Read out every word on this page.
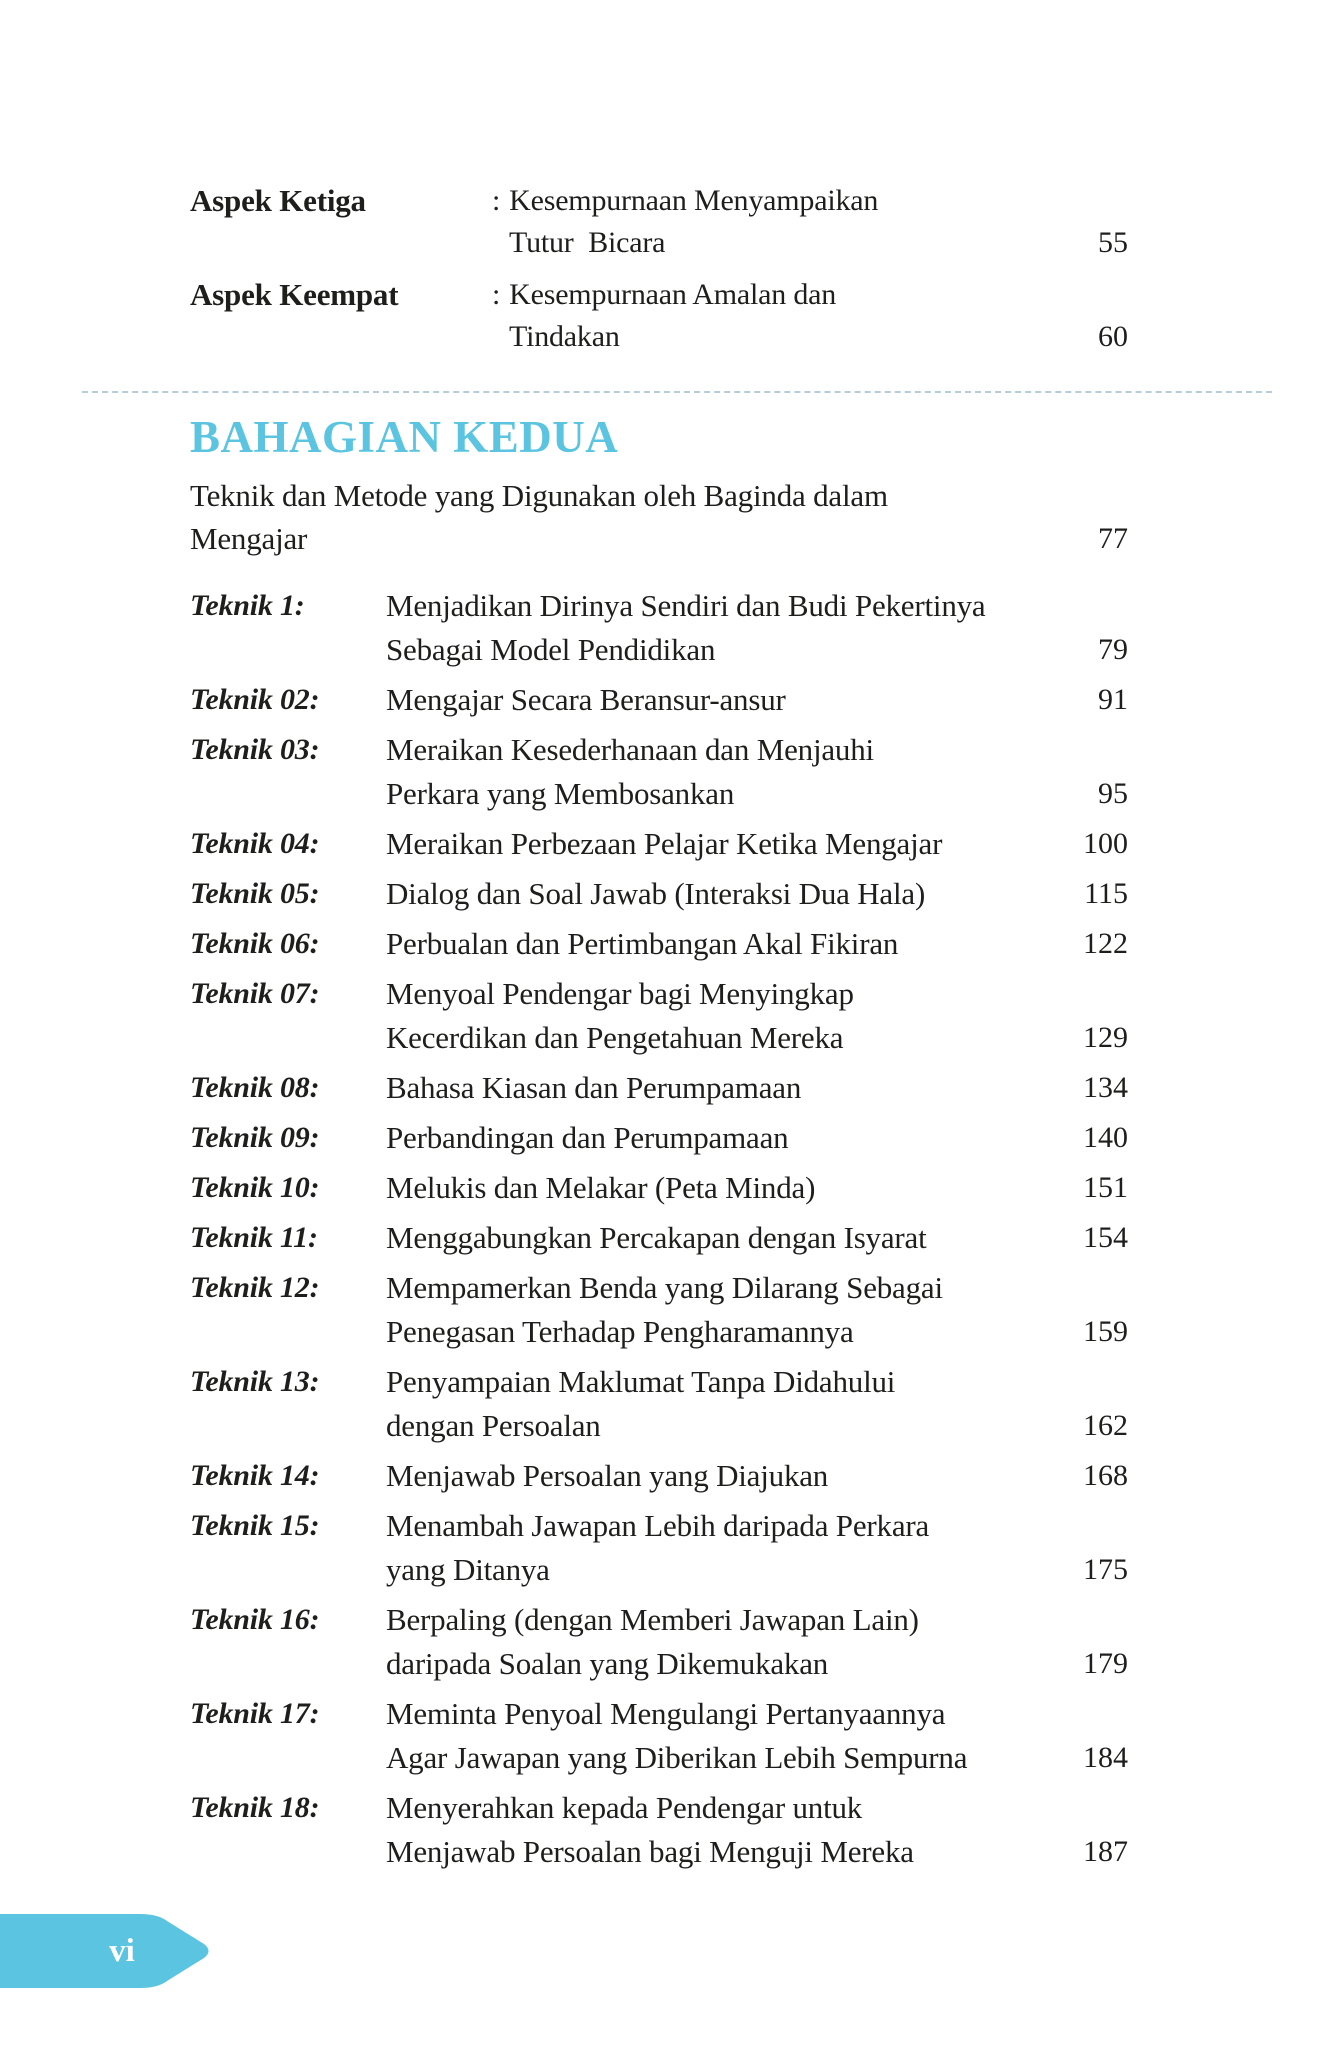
Aspek Ketiga	: Kesempurnaan Menyampaikan
Tutur  Bicara	55
Aspek Keempat	: Kesempurnaan Amalan dan
Tindakan	60
BAHAGIAN KEDUA
Teknik dan Metode yang Digunakan oleh Baginda dalam
Mengajar	77
Teknik 1:	Menjadikan Dirinya Sendiri dan Budi Pekertinya
Sebagai Model Pendidikan	79
Teknik 02:	Mengajar Secara Beransur-ansur	91
Teknik 03:	Meraikan Kesederhanaan dan Menjauhi
Perkara yang Membosankan	95
Teknik 04:	Meraikan Perbezaan Pelajar Ketika Mengajar	100
Teknik 05:	Dialog dan Soal Jawab (Interaksi Dua Hala)	115
Teknik 06:	Perbualan dan Pertimbangan Akal Fikiran	122
Teknik 07:	Menyoal Pendengar bagi Menyingkap
Kecerdikan dan Pengetahuan Mereka	129
Teknik 08:	Bahasa Kiasan dan Perumpamaan	134
Teknik 09:	Perbandingan dan Perumpamaan	140
Teknik 10:	Melukis dan Melakar (Peta Minda)	151
Teknik 11:	Menggabungkan Percakapan dengan Isyarat	154
Teknik 12:	Mempamerkan Benda yang Dilarang Sebagai
Penegasan Terhadap Pengharamannya	159
Teknik 13:	Penyampaian Maklumat Tanpa Didahului
dengan Persoalan	162
Teknik 14:	Menjawab Persoalan yang Diajukan	168
Teknik 15:	Menambah Jawapan Lebih daripada Perkara
yang Ditanya	175
Teknik 16:	Berpaling (dengan Memberi Jawapan Lain)
daripada Soalan yang Dikemukakan	179
Teknik 17:	Meminta Penyoal Mengulangi Pertanyaannya
Agar Jawapan yang Diberikan Lebih Sempurna	184
Teknik 18:	Menyerahkan kepada Pendengar untuk
Menjawab Persoalan bagi Menguji Mereka	187
vi
